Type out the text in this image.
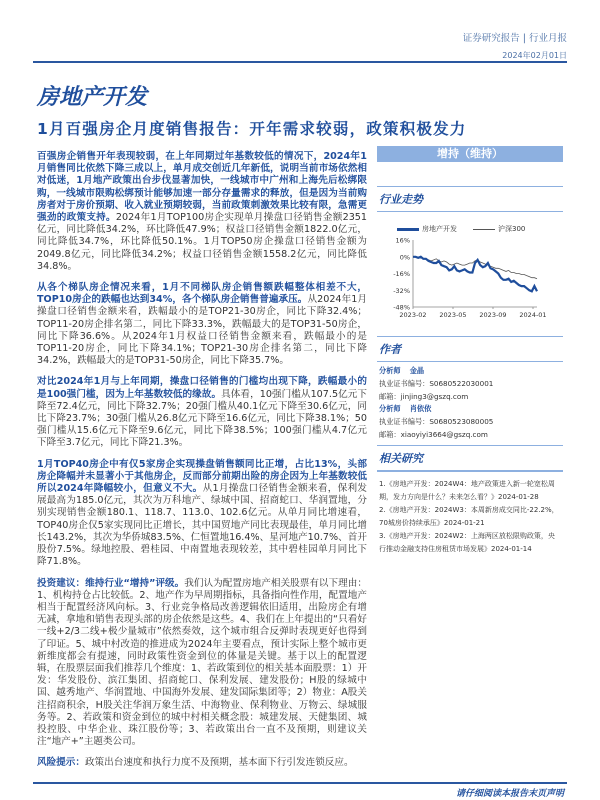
证券研究报告 | 行业月报
2024年02月01日
房地产开发
1月百强房企月度销售报告：开年需求较弱，政策积极发力

百强房企销售开年表现较弱，在上年同期过年基数较低的情况下，2024年1月销售同比依然下降三成以上，单月成交创近几年新低，说明当前市场依然相对低迷，1月地产政策出台步伐显著加快，一线城市中广州和上海先后松绑限购，一线城市限购松绑预计能够加速一部分存量需求的释放，但是因为当前购房者对于房价预期、收入就业预期较弱，当前政策刺激效果比较有限，急需更强劲的政策支持。2024年1月TOP100房企实现单月操盘口径销售金额2351亿元，同比降低34.2%，环比降低47.9%；权益口径销售金额1822.0亿元，同比降低34.7%，环比降低50.1%。1月TOP50房企操盘口径销售金额为2049.8亿元，同比降低34.2%；权益口径销售金额1558.2亿元，同比降低34.8%。

从各个梯队房企情况来看，1月不同梯队房企销售额跌幅整体相差不大，TOP10房企的跌幅也达到34%，各个梯队房企销售普遍承压。从2024年1月操盘口径销售金额来看，跌幅最小的是TOP21-30房企，同比下降32.4%；TOP11-20房企排名第二，同比下降33.3%，跌幅最大的是TOP31-50房企，同比下降36.6%。从2024年1月权益口径销售金额来看，跌幅最小的是TOP11-20房企，同比下降34.1%；TOP21-30房企排名第二，同比下降34.2%，跌幅最大的是TOP31-50房企，同比下降35.7%。

对比2024年1月与上年同期，操盘口径销售的门槛均出现下降，跌幅最小的是100强门槛，因为上年基数较低的缘故。具体看，10强门槛从107.5亿元下降至72.4亿元，同比下降32.7%；20强门槛从40.1亿元下降至30.6亿元，同比下降23.7%；30强门槛从26.8亿元下降至16.6亿元，同比下降38.1%；50强门槛从15.6亿元下降至9.6亿元，同比下降38.5%；100强门槛从4.7亿元下降至3.7亿元，同比下降21.3%。

1月TOP40房企中有仅5家房企实现操盘销售额同比正增，占比13%，头部房企降幅并未显著小于其他房企，反而部分前期出险的房企因为上年基数较低所以2024年降幅较小，但意义不大。从1月操盘口径销售金额来看，保利发展最高为185.0亿元，其次为万科地产、绿城中国、招商蛇口、华润置地，分别实现销售金额180.1、118.7、113.0、102.6亿元。从单月同比增速看，TOP40房企仅5家实现同比正增长，其中国贸地产同比表现最佳，单月同比增长143.2%，其次为华侨城83.5%、仁恒置地16.4%、星河地产10.7%、首开股份7.5%。绿地控股、碧桂园、中南置地表现较差，其中碧桂园单月同比下降71.8%。

投资建议：维持行业“增持”评级。我们认为配置房地产相关股票有以下理由：1、机构持仓占比较低。2、地产作为早周期指标，具备指向性作用，配置地产相当于配置经济风向标。3、行业竞争格局改善逻辑依旧适用，出险房企有增无减，拿地和销售表现头部的房企依然是这些。4、我们在上年提出的“只看好一线+2/3二线+极少量城市”依然奏效，这个城市组合反弹时表现更好也得到了印证。5、城中村改造的推进成为2024年主要看点，预计实际上整个城市更新维度都会有提速，同时政策性资金到位的体量是关键。基于以上的配置逻辑，在股票层面我们推荐几个维度：1、若政策到位的相关基本面股票：1）开发：华发股份、滨江集团、招商蛇口、保利发展、建发股份；H股的绿城中国、越秀地产、华润置地、中国海外发展、建发国际集团等；2）物业：A股关注招商积余，H股关注华润万象生活、中海物业、保利物业、万物云、绿城服务等。2、若政策和资金到位的城中村相关概念股：城建发展、天健集团、城投控股、中华企业、珠江股份等；3、若政策出台一直不及预期，则建议关注“地产+”主题类公司。

风险提示：政策出台速度和执行力度不及预期，基本面下行引发连锁反应。

增持（维持）
行业走势
房地产开发	沪深300
16%
0%
-16%
-32%
-48%
2023-02 2023-05 2023-09 2024-01
作者
分析师 金晶
执业证书编号：S0680522030001
邮箱：jinjing3@gszq.com
分析师 肖依依
执业证书编号：S0680523080005
邮箱：xiaoyiyi3664@gszq.com
相关研究
1.《房地产开发：2024W4：地产政策进入新一轮宽松周期，发力方向是什么？未来怎么看？》2024-01-28
2.《房地产开发：2024W3：本周新房成交同比-22.2%，70城房价持续承压》2024-01-21
3.《房地产开发：2024W2：上海两区放松限购政策，央行推动金融支持住房租赁市场发展》2024-01-14
请仔细阅读本报告末页声明
